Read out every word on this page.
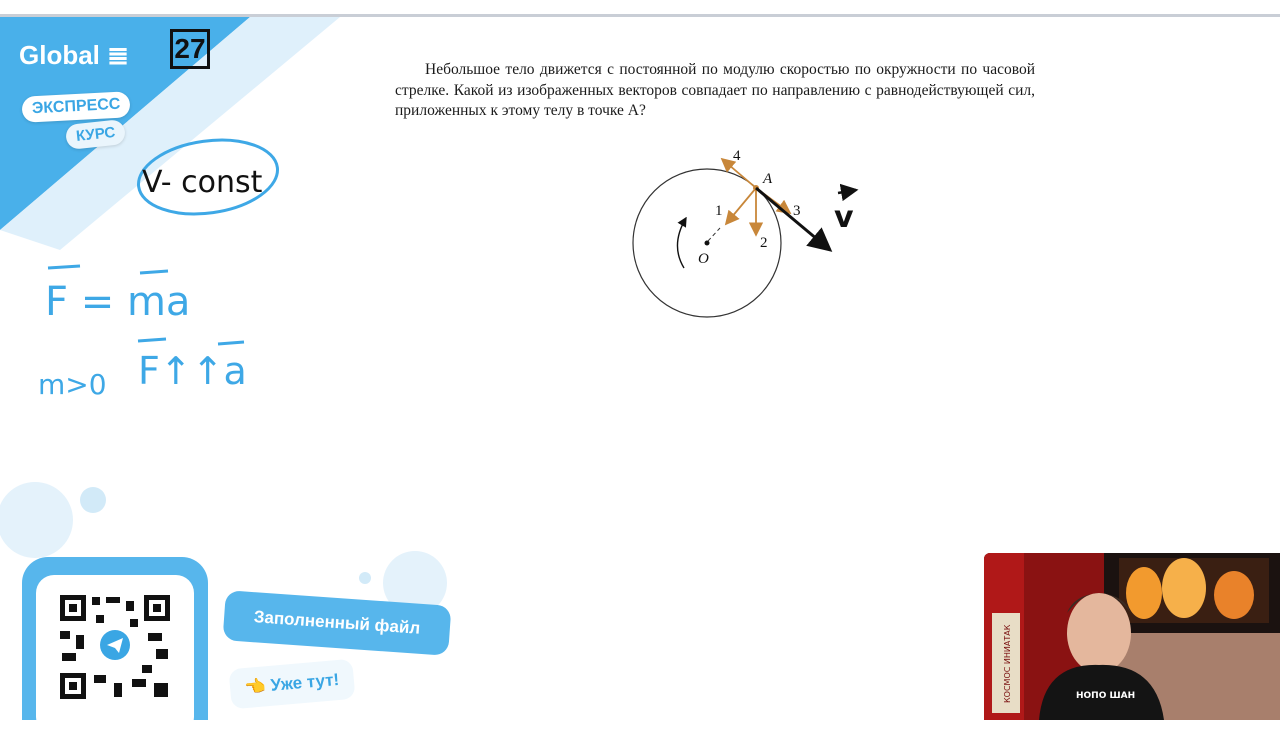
Global ≣ 27
ЭКСПРЕСС
КУРС
Небольшое тело движется с постоянной по модулю скоростью по окружности по часовой стрелке. Какой из изображенных векторов совпадает по направлению с равнодействующей сил, приложенных к этому телу в точке A?
4
1
2
3
A
O
V- const
v
F = ma
m>0 F↑↑a
Заполненный файл
👈 Уже тут!	КОСМОС ИНИАТАК	НОПО ШАН
